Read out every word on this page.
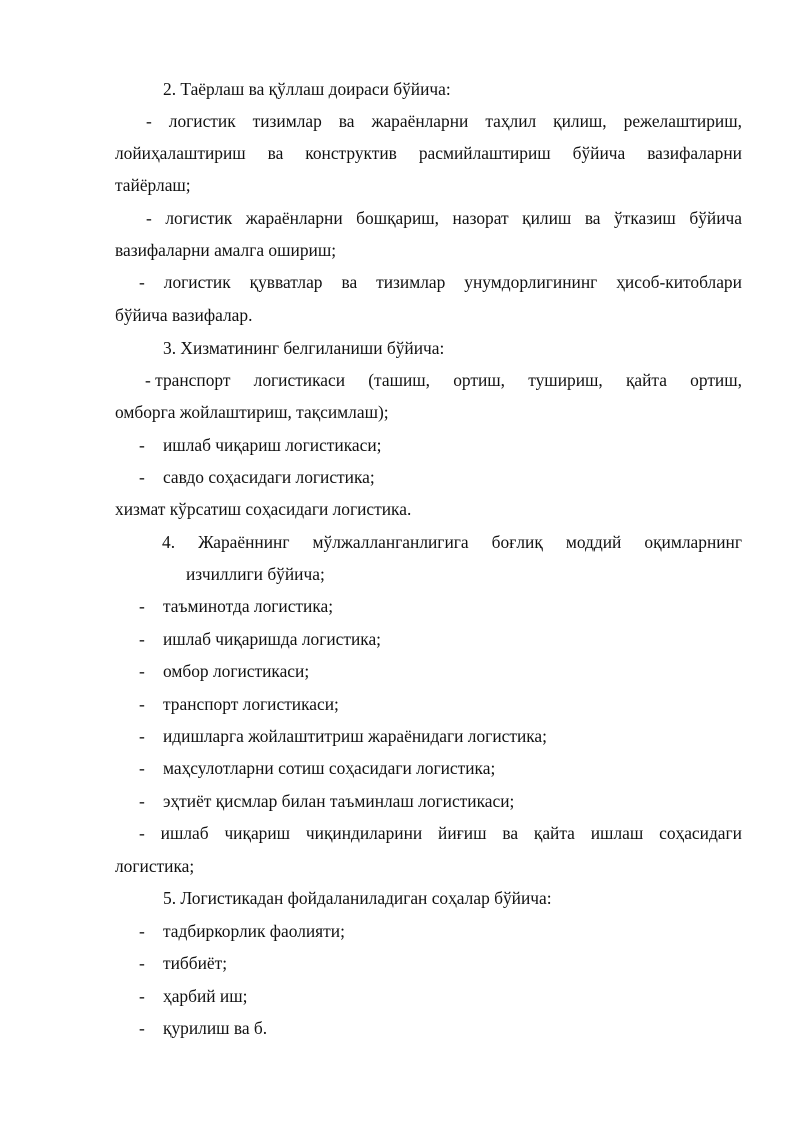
2. Таёрлаш ва қўллаш доираси бўйича:
- логистик тизимлар ва жараёнларни таҳлил қилиш, режелаштириш,
лойиҳалаштириш ва конструктив расмийлаштириш бўйича вазифаларни
тайёрлаш;
- логистик жараёнларни бошқариш, назорат қилиш ва ўтказиш бўйича
вазифаларни амалга ошириш;
- логистик қувватлар ва тизимлар унумдорлигининг ҳисоб-китоблари
бўйича вазифалар.
3. Хизматининг белгиланиши бўйича:
- транспорт логистикаси (ташиш, ортиш, тушириш, қайта ортиш,
омборга жойлаштириш, тақсимлаш);
- ишлаб чиқариш логистикаси;
- савдо соҳасидаги логистика;
хизмат кўрсатиш соҳасидаги логистика.
4. Жараённинг мўлжалланганлигига боғлиқ моддий оқимларнинг
изчиллиги бўйича;
- таъминотда логистика;
- ишлаб чиқаришда логистика;
- омбор логистикаси;
- транспорт логистикаси;
- идишларга жойлаштитриш жараёнидаги логистика;
- маҳсулотларни сотиш соҳасидаги логистика;
- эҳтиёт қисмлар билан таъминлаш логистикаси;
- ишлаб чиқариш чиқиндиларини йиғиш ва қайта ишлаш соҳасидаги
логистика;
5. Логистикадан фойдаланиладиган соҳалар бўйича:
- тадбиркорлик фаолияти;
- тиббиёт;
- ҳарбий иш;
- қурилиш ва б.
